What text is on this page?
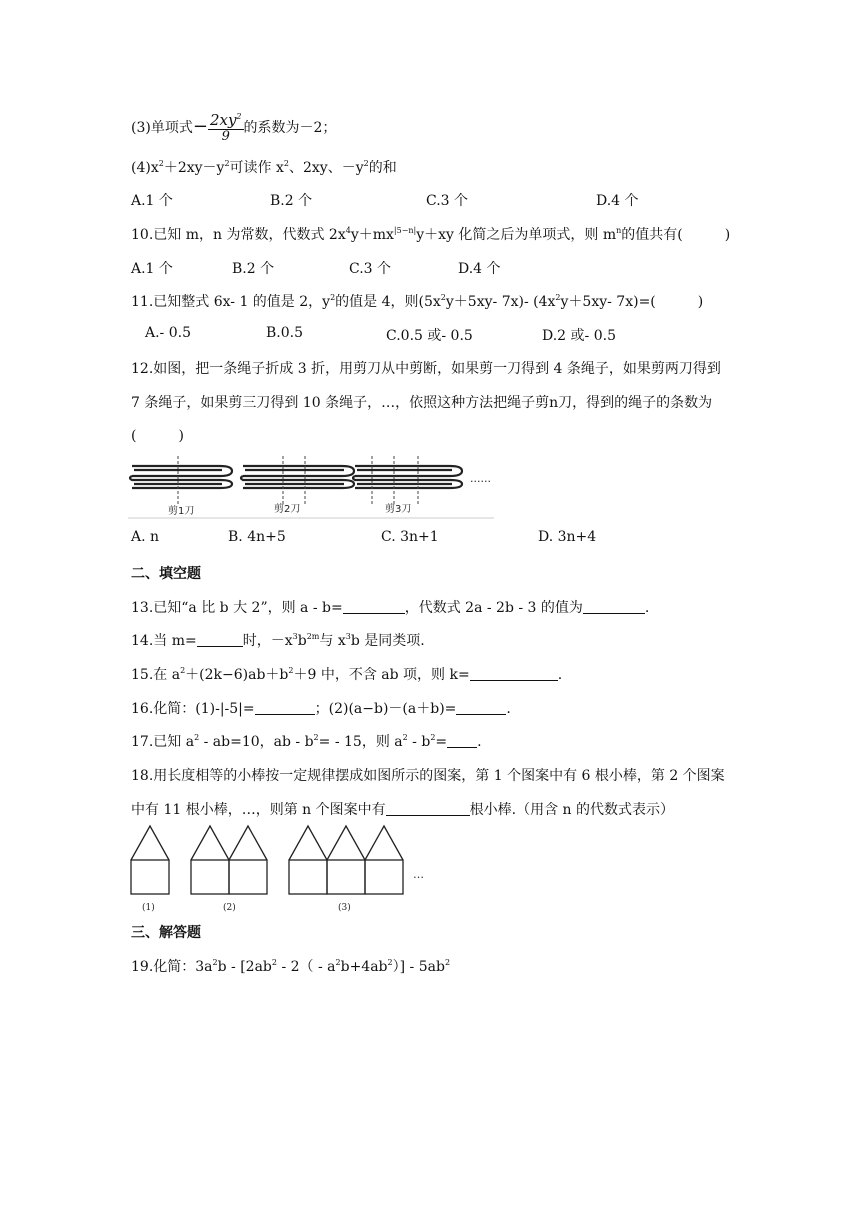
(3)单项式− $\frac{2xy^2}{9}$ 的系数为－2；
$(4)x^2+2xy-y^2$可读作 $x^2$、2xy、$-y^2$的和
A.1 个	B.2 个	C.3 个	D.4 个
10.已知 m，n 为常数，代数式 $2x^4y+mx^{|5-n|}y+xy$ 化简之后为单项式，则 $m^n$的值共有(　　　)
A.1 个	B.2 个	C.3 个	D.4 个
11.已知整式 6x- 1 的值是 2，$y^2$的值是 4，则($5x^2y+5xy-$ 7x)- ($4x^2y+5xy-$ 7x)=(　　　)
A.- 0.5	B.0.5	C.0.5 或- 0.5	D.2 或- 0.5
12.如图，把一条绳子折成 3 折，用剪刀从中剪断，如果剪一刀得到 4 条绳子，如果剪两刀得到
7 条绳子，如果剪三刀得到 10 条绳子，…，依照这种方法把绳子剪n刀，得到的绳子的条数为
(　　　)
剪1刀	剪2刀	剪3刀
......
A. n	B. 4n+5	C. 3n+1	D. 3n+4
二、填空题
13.已知“a 比 b 大 2”，则 a - b=	，代数式 2a - 2b - 3 的值为	.
14.当 m=	时，$-x^3b^{2m}$与 $x^3b$ 是同类项.
15.在 $a^2+(2k-6)ab+b^2+9$ 中，不含 ab 项，则 k=	.
16.化简：(1)-|-5|=	；(2)(a−b)－(a＋b)=	.
17.已知 $a^2 - ab=10$，ab - $b^2= - 15$，则 $a^2 - b^2=$ .
18.用长度相等的小棒按一定规律摆成如图所示的图案，第 1 个图案中有 6 根小棒，第 2 个图案
中有 11 根小棒，…，则第 n 个图案中有	根小棒.（用含 n 的代数式表示）
(1)	(2)	(3)
…
三、解答题
19.化简：$3a^2b - [2ab^2 - 2( - a^2b+4ab^2)] - 5ab^2$
